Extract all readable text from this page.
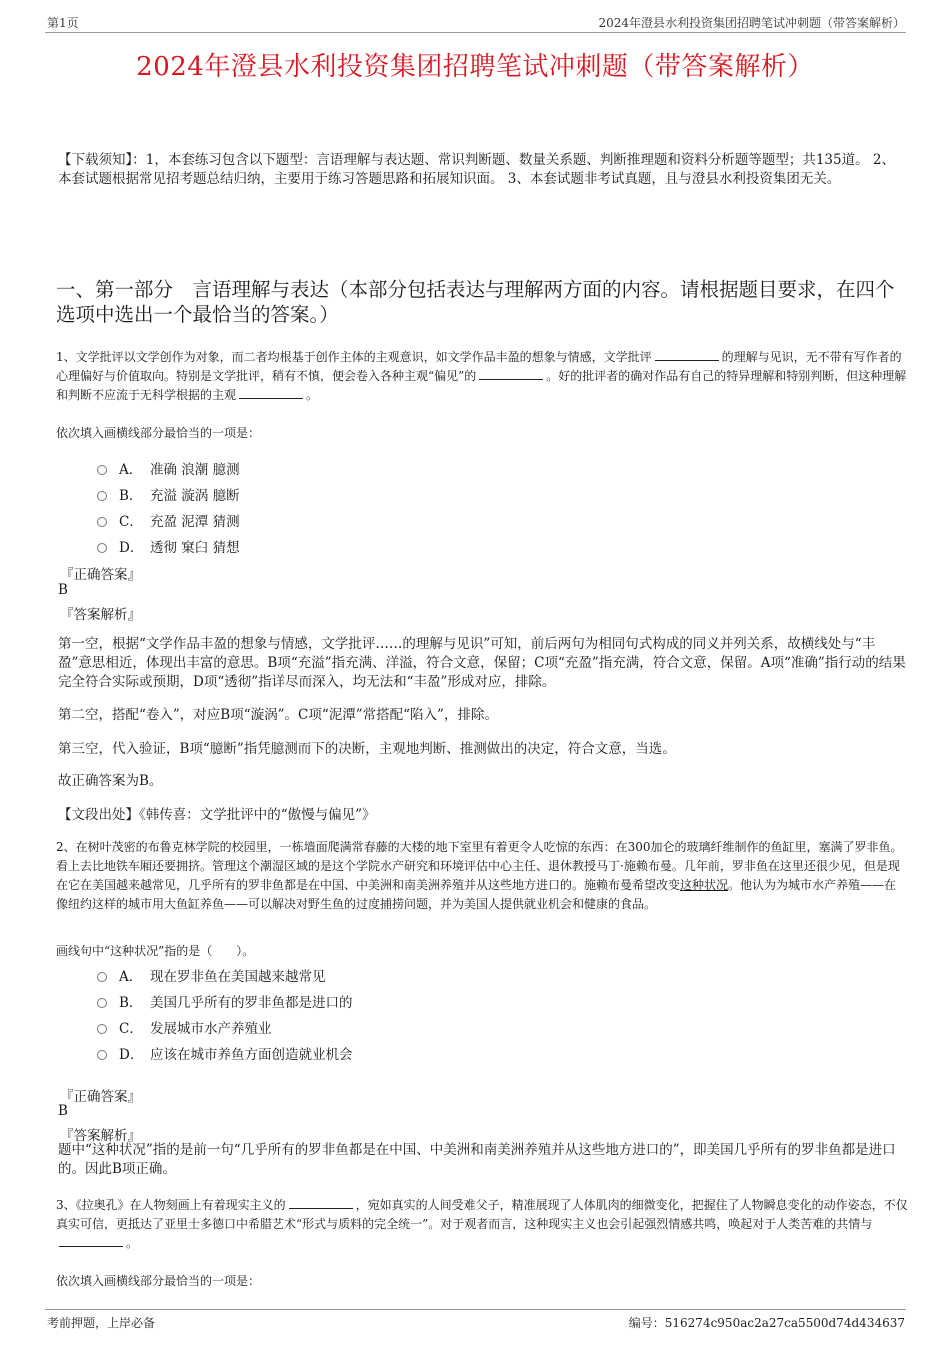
第1页	2024年澄县水利投资集团招聘笔试冲刺题（带答案解析）
2024年澄县水利投资集团招聘笔试冲刺题（带答案解析）
【下载须知】：1，本套练习包含以下题型：言语理解与表达题、常识判断题、数量关系题、判断推理题和资料分析题等题型；共135道。 2、本套试题根据常见招考题总结归纳，主要用于练习答题思路和拓展知识面。 3、本套试题非考试真题，且与澄县水利投资集团无关。
一、第一部分　言语理解与表达（本部分包括表达与理解两方面的内容。请根据题目要求，在四个选项中选出一个最恰当的答案。）
1、文学批评以文学创作为对象，而二者均根基于创作主体的主观意识，如文学作品丰盈的想象与情感，文学批评	的理解与见识，无不带有写作者的心理偏好与价值取向。特别是文学批评，稍有不慎，便会卷入各种主观“偏见”的	。好的批评者的确对作品有自己的特异理解和特别判断，但这种理解和判断不应流于无科学根据的主观	。
依次填入画横线部分最恰当的一项是：
A． 准确 浪潮 臆测
B． 充溢 漩涡 臆断
C． 充盈 泥潭 猜测
D． 透彻 窠臼 猜想
『正确答案』
B
『答案解析』
第一空，根据“文学作品丰盈的想象与情感，文学批评……的理解与见识”可知，前后两句为相同句式构成的同义并列关系，故横线处与“丰盈”意思相近，体现出丰富的意思。B项“充溢”指充满、洋溢，符合文意，保留；C项“充盈”指充满，符合文意，保留。A项“准确”指行动的结果完全符合实际或预期，D项“透彻”指详尽而深入，均无法和“丰盈”形成对应，排除。
第二空，搭配“卷入”，对应B项“漩涡”。C项“泥潭”常搭配“陷入”，排除。
第三空，代入验证，B项“臆断”指凭臆测而下的决断，主观地判断、推测做出的决定，符合文意，当选。
故正确答案为B。
【文段出处】《韩传喜：文学批评中的“傲慢与偏见”》
2、在树叶茂密的布鲁克林学院的校园里，一栋墙面爬满常春藤的大楼的地下室里有着更令人吃惊的东西：在300加仑的玻璃纤维制作的鱼缸里，塞满了罗非鱼。看上去比地铁车厢还要拥挤。管理这个潮湿区域的是这个学院水产研究和环境评估中心主任、退休教授马丁·施赖布曼。几年前，罗非鱼在这里还很少见，但是现在它在美国越来越常见，几乎所有的罗非鱼都是在中国、中美洲和南美洲养殖并从这些地方进口的。施赖布曼希望改变这种状况。他认为为城市水产养殖——在像纽约这样的城市用大鱼缸养鱼——可以解决对野生鱼的过度捕捞问题，并为美国人提供就业机会和健康的食品。
画线句中“这种状况”指的是（　　）。
A． 现在罗非鱼在美国越来越常见
B． 美国几乎所有的罗非鱼都是进口的
C． 发展城市水产养殖业
D． 应该在城市养鱼方面创造就业机会
『正确答案』
B
『答案解析』
题中“这种状况”指的是前一句“几乎所有的罗非鱼都是在中国、中美洲和南美洲养殖并从这些地方进口的”，即美国几乎所有的罗非鱼都是进口的。因此B项正确。
3、《拉奥孔》在人物刻画上有着现实主义的	，宛如真实的人间受难父子，精准展现了人体肌肉的细微变化，把握住了人物瞬息变化的动作姿态，不仅真实可信，更抵达了亚里士多德口中希腊艺术“形式与质料的完全统一”。对于观者而言，这种现实主义也会引起强烈情感共鸣，唤起对于人类苦难的共情与。
依次填入画横线部分最恰当的一项是：
考前押题，上岸必备	编号：516274c950ac2a27ca5500d74d434637
